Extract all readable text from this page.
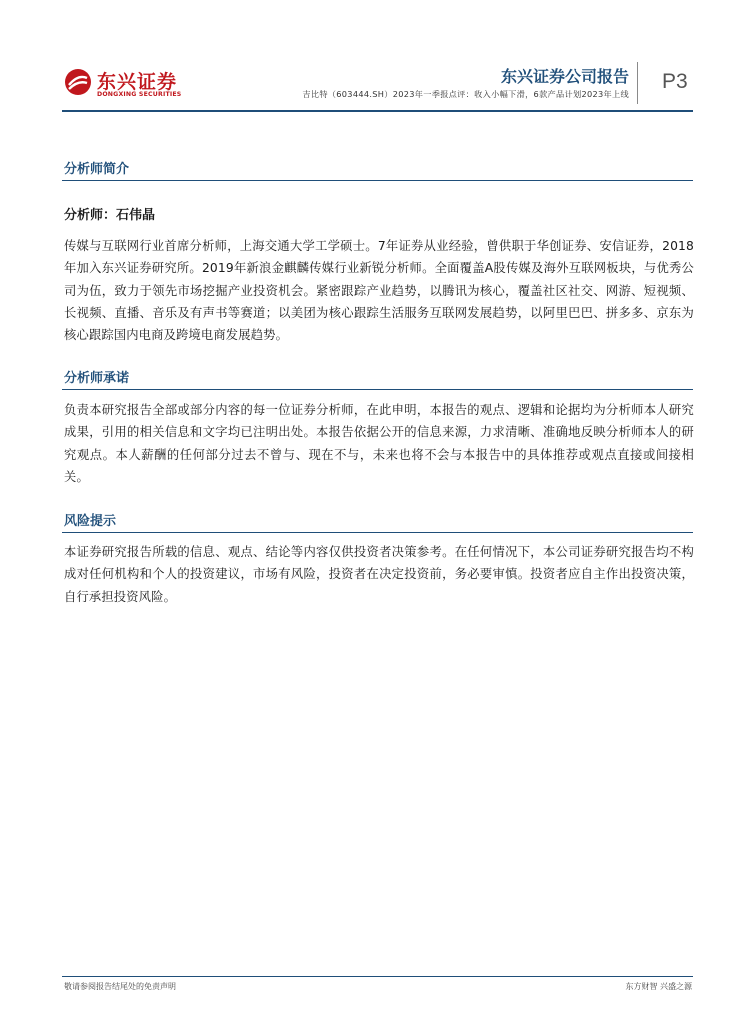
东兴证券
DONGXING SECURITIES
东兴证券公司报告
吉比特（603444.SH）2023年一季报点评：收入小幅下滑，6款产品计划2023年上线
P3
分析师简介
分析师：石伟晶
传媒与互联网行业首席分析师，上海交通大学工学硕士。7年证券从业经验，曾供职于华创证券、安信证券，2018年加入东兴证券研究所。2019年新浪金麒麟传媒行业新锐分析师。全面覆盖A股传媒及海外互联网板块，与优秀公司为伍，致力于领先市场挖掘产业投资机会。紧密跟踪产业趋势，以腾讯为核心，覆盖社区社交、网游、短视频、长视频、直播、音乐及有声书等赛道；以美团为核心跟踪生活服务互联网发展趋势，以阿里巴巴、拼多多、京东为核心跟踪国内电商及跨境电商发展趋势。
分析师承诺
负责本研究报告全部或部分内容的每一位证券分析师，在此申明，本报告的观点、逻辑和论据均为分析师本人研究成果，引用的相关信息和文字均已注明出处。本报告依据公开的信息来源，力求清晰、准确地反映分析师本人的研究观点。本人薪酬的任何部分过去不曾与、现在不与，未来也将不会与本报告中的具体推荐或观点直接或间接相关。
风险提示
本证券研究报告所载的信息、观点、结论等内容仅供投资者决策参考。在任何情况下，本公司证券研究报告均不构成对任何机构和个人的投资建议，市场有风险，投资者在决定投资前，务必要审慎。投资者应自主作出投资决策，自行承担投资风险。
敬请参阅报告结尾处的免责声明	东方财智 兴盛之源
